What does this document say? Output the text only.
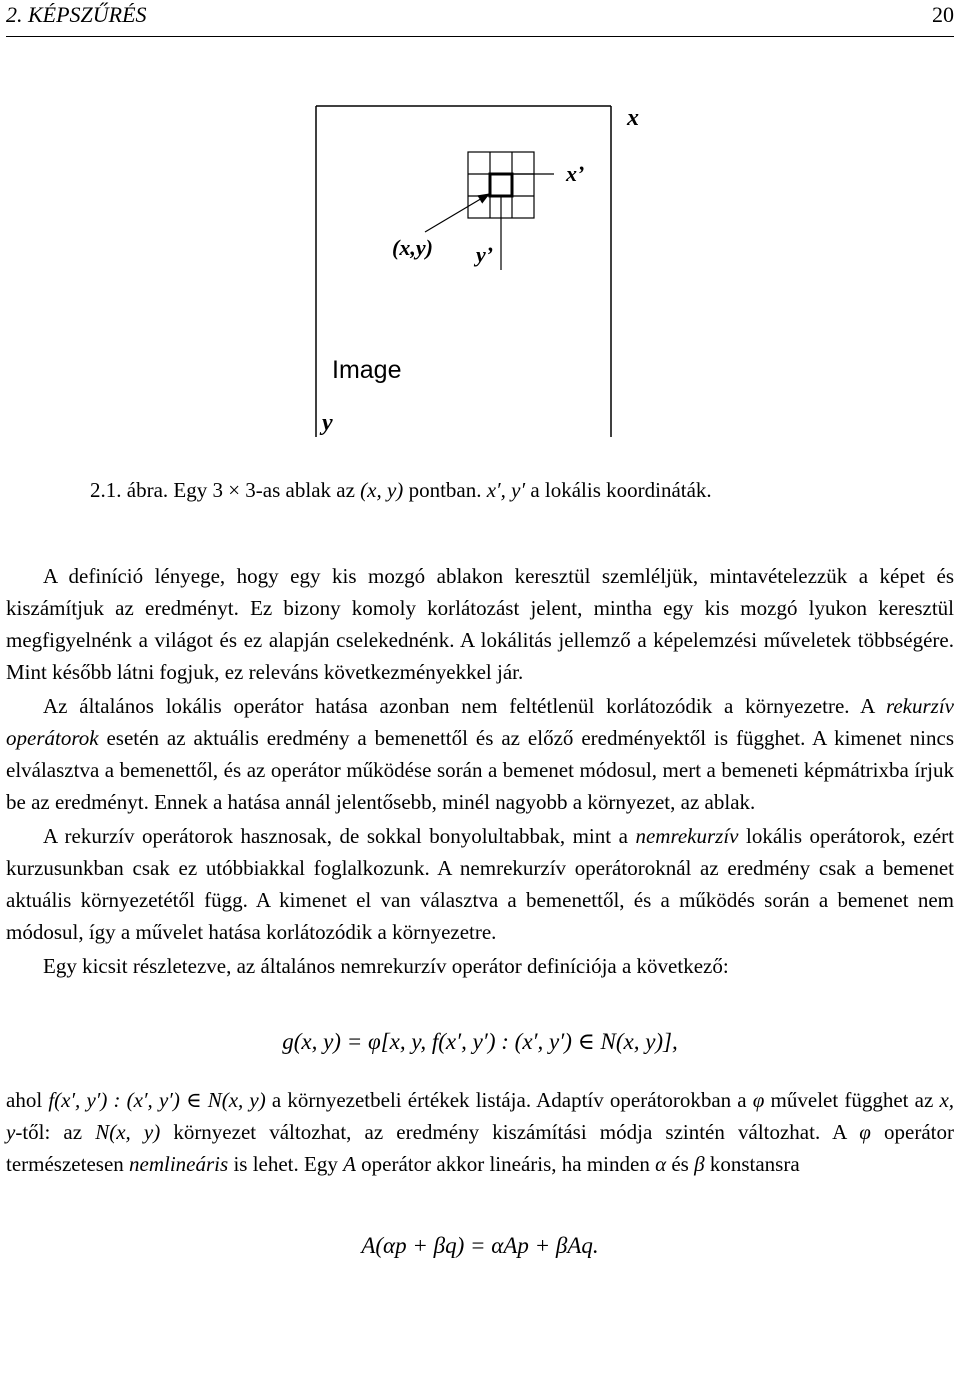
2. KÉPSZŰRÉS	20
x
y
x’
y’
(x,y)
Image
2.1. ábra. Egy 3 × 3-as ablak az (x, y) pontban. x′, y′ a lokális koordináták.

A definíció lényege, hogy egy kis mozgó ablakon keresztül szemléljük, mintavételezzük a képet és kiszámítjuk az eredményt. Ez bizony komoly korlátozást jelent, mintha egy kis mozgó lyukon keresztül megfigyelnénk a világot és ez alapján cselekednénk. A lokálitás jellemző a képelemzési műveletek többségére. Mint később látni fogjuk, ez releváns következményekkel jár.

Az általános lokális operátor hatása azonban nem feltétlenül korlátozódik a környezetre. A rekurzív operátorok esetén az aktuális eredmény a bemenettől és az előző eredményektől is függhet. A kimenet nincs elválasztva a bemenettől, és az operátor működése során a bemenet módosul, mert a bemeneti képmátrixba írjuk be az eredményt. Ennek a hatása annál jelentősebb, minél nagyobb a környezet, az ablak.

A rekurzív operátorok hasznosak, de sokkal bonyolultabbak, mint a nemrekurzív lokális operátorok, ezért kurzusunkban csak ez utóbbiakkal foglalkozunk. A nemrekurzív operátoroknál az eredmény csak a bemenet aktuális környezetétől függ. A kimenet el van választva a bemenettől, és a működés során a bemenet nem módosul, így a művelet hatása korlátozódik a környezetre.

Egy kicsit részletezve, az általános nemrekurzív operátor definíciója a következő:

g(x, y) = φ[x, y, f(x′, y′) : (x′, y′) ∈ N(x, y)],

ahol f(x′, y′) : (x′, y′) ∈ N(x, y) a környezetbeli értékek listája. Adaptív operátorokban a φ művelet függhet az x, y-től: az N(x, y) környezet változhat, az eredmény kiszámítási módja szintén változhat. A φ operátor természetesen nemlineáris is lehet. Egy A operátor akkor lineáris, ha minden α és β konstansra

A(αp + βq) = αAp + βAq.
